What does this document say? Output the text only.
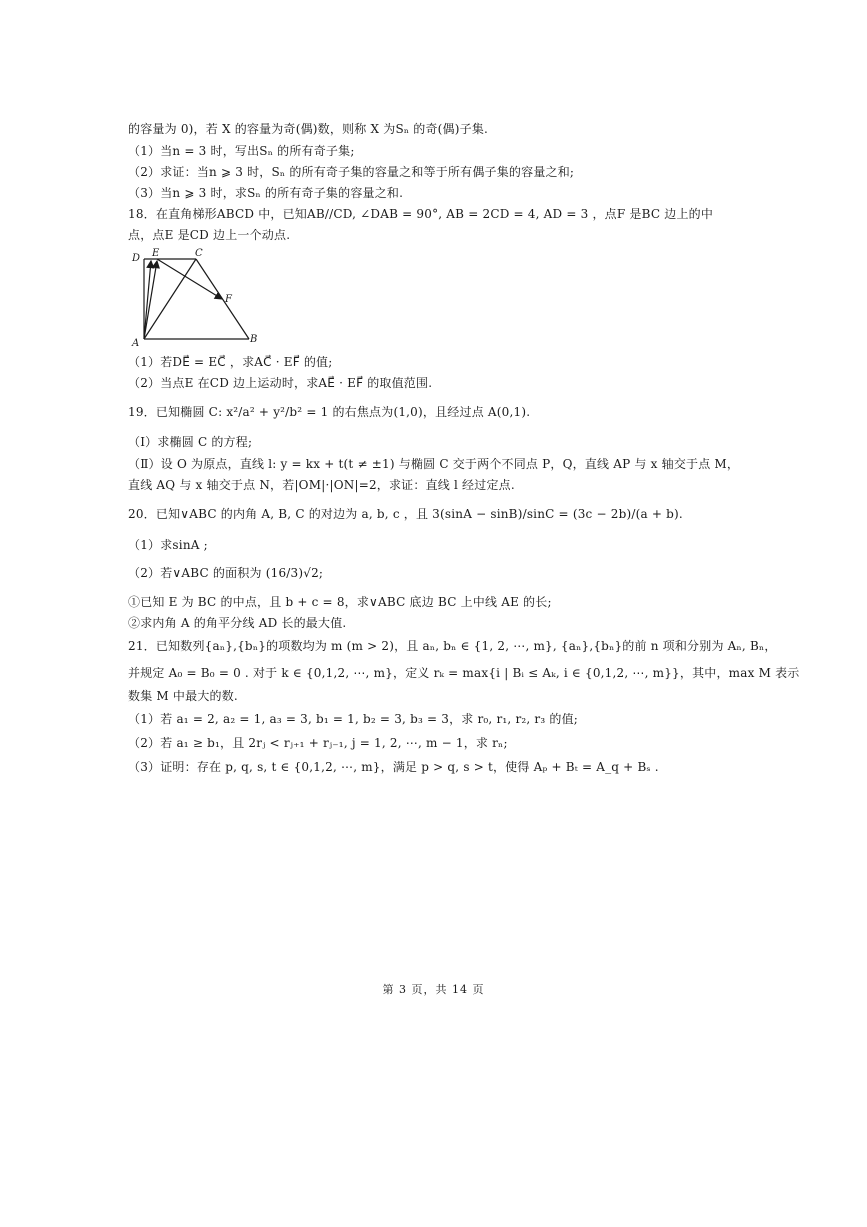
的容量为 0)，若 X 的容量为奇(偶)数，则称 X 为Sₙ 的奇(偶)子集.
（1）当n = 3 时，写出Sₙ 的所有奇子集;
（2）求证：当n ⩾ 3 时，Sₙ 的所有奇子集的容量之和等于所有偶子集的容量之和;
（3）当n ⩾ 3 时，求Sₙ 的所有奇子集的容量之和.
18．在直角梯形ABCD 中，已知AB//CD, ∠DAB = 90°, AB = 2CD = 4, AD = 3 ，点F 是BC 边上的中
点，点E 是CD 边上一个动点.
D E	C
F
A	B
（1）若DE⃗ = EC⃗ ，求AC⃗ · EF⃗ 的值;
（2）当点E 在CD 边上运动时，求AE⃗ · EF⃗ 的取值范围.
19．已知椭圆 C: x²/a² + y²/b² = 1 的右焦点为(1,0)，且经过点 A(0,1).
（Ⅰ）求椭圆 C 的方程;
（Ⅱ）设 O 为原点，直线 l: y = kx + t(t ≠ ±1) 与椭圆 C 交于两个不同点 P，Q，直线 AP 与 x 轴交于点 M，
直线 AQ 与 x 轴交于点 N，若|OM|·|ON|=2，求证：直线 l 经过定点.
20．已知∨ABC 的内角 A, B, C 的对边为 a, b, c ，且 3(sinA − sinB)/sinC = (3c − 2b)/(a + b).
（1）求sinA ;
（2）若∨ABC 的面积为 (16/3)√2;
①已知 E 为 BC 的中点，且 b + c = 8，求∨ABC 底边 BC 上中线 AE 的长;
②求内角 A 的角平分线 AD 长的最大值.
21．已知数列{aₙ},{bₙ}的项数均为 m (m > 2)，且 aₙ, bₙ ∈ {1, 2, ⋯, m}, {aₙ},{bₙ}的前 n 项和分别为 Aₙ, Bₙ，
并规定 A₀ = B₀ = 0 . 对于 k ∈ {0,1,2, ⋯, m}，定义 rₖ = max{i | Bᵢ ≤ Aₖ, i ∈ {0,1,2, ⋯, m}}，其中，max M 表示
数集 M 中最大的数.
（1）若 a₁ = 2, a₂ = 1, a₃ = 3, b₁ = 1, b₂ = 3, b₃ = 3，求 r₀, r₁, r₂, r₃ 的值;
（2）若 a₁ ≥ b₁，且 2rⱼ < rⱼ₊₁ + rⱼ₋₁, j = 1, 2, ⋯, m − 1，求 rₙ;
（3）证明：存在 p, q, s, t ∈ {0,1,2, ⋯, m}，满足 p > q, s > t，使得 Aₚ + Bₜ = A_q + Bₛ .
第 3 页，共 14 页
